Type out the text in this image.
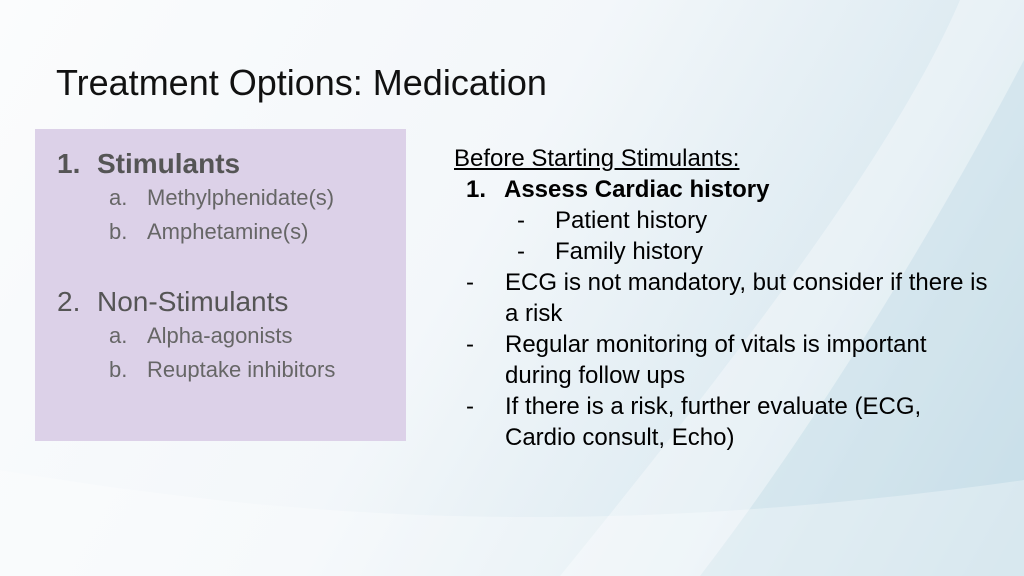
Treatment Options: Medication
1. Stimulants
a. Methylphenidate(s)
b. Amphetamine(s)
2. Non-Stimulants
a. Alpha-agonists
b. Reuptake inhibitors
Before Starting Stimulants:
1. Assess Cardiac history
-	Patient history
-	Family history
-	ECG is not mandatory, but consider if there is a risk
-	Regular monitoring of vitals is important during follow ups
-	If there is a risk, further evaluate (ECG, Cardio consult, Echo)
